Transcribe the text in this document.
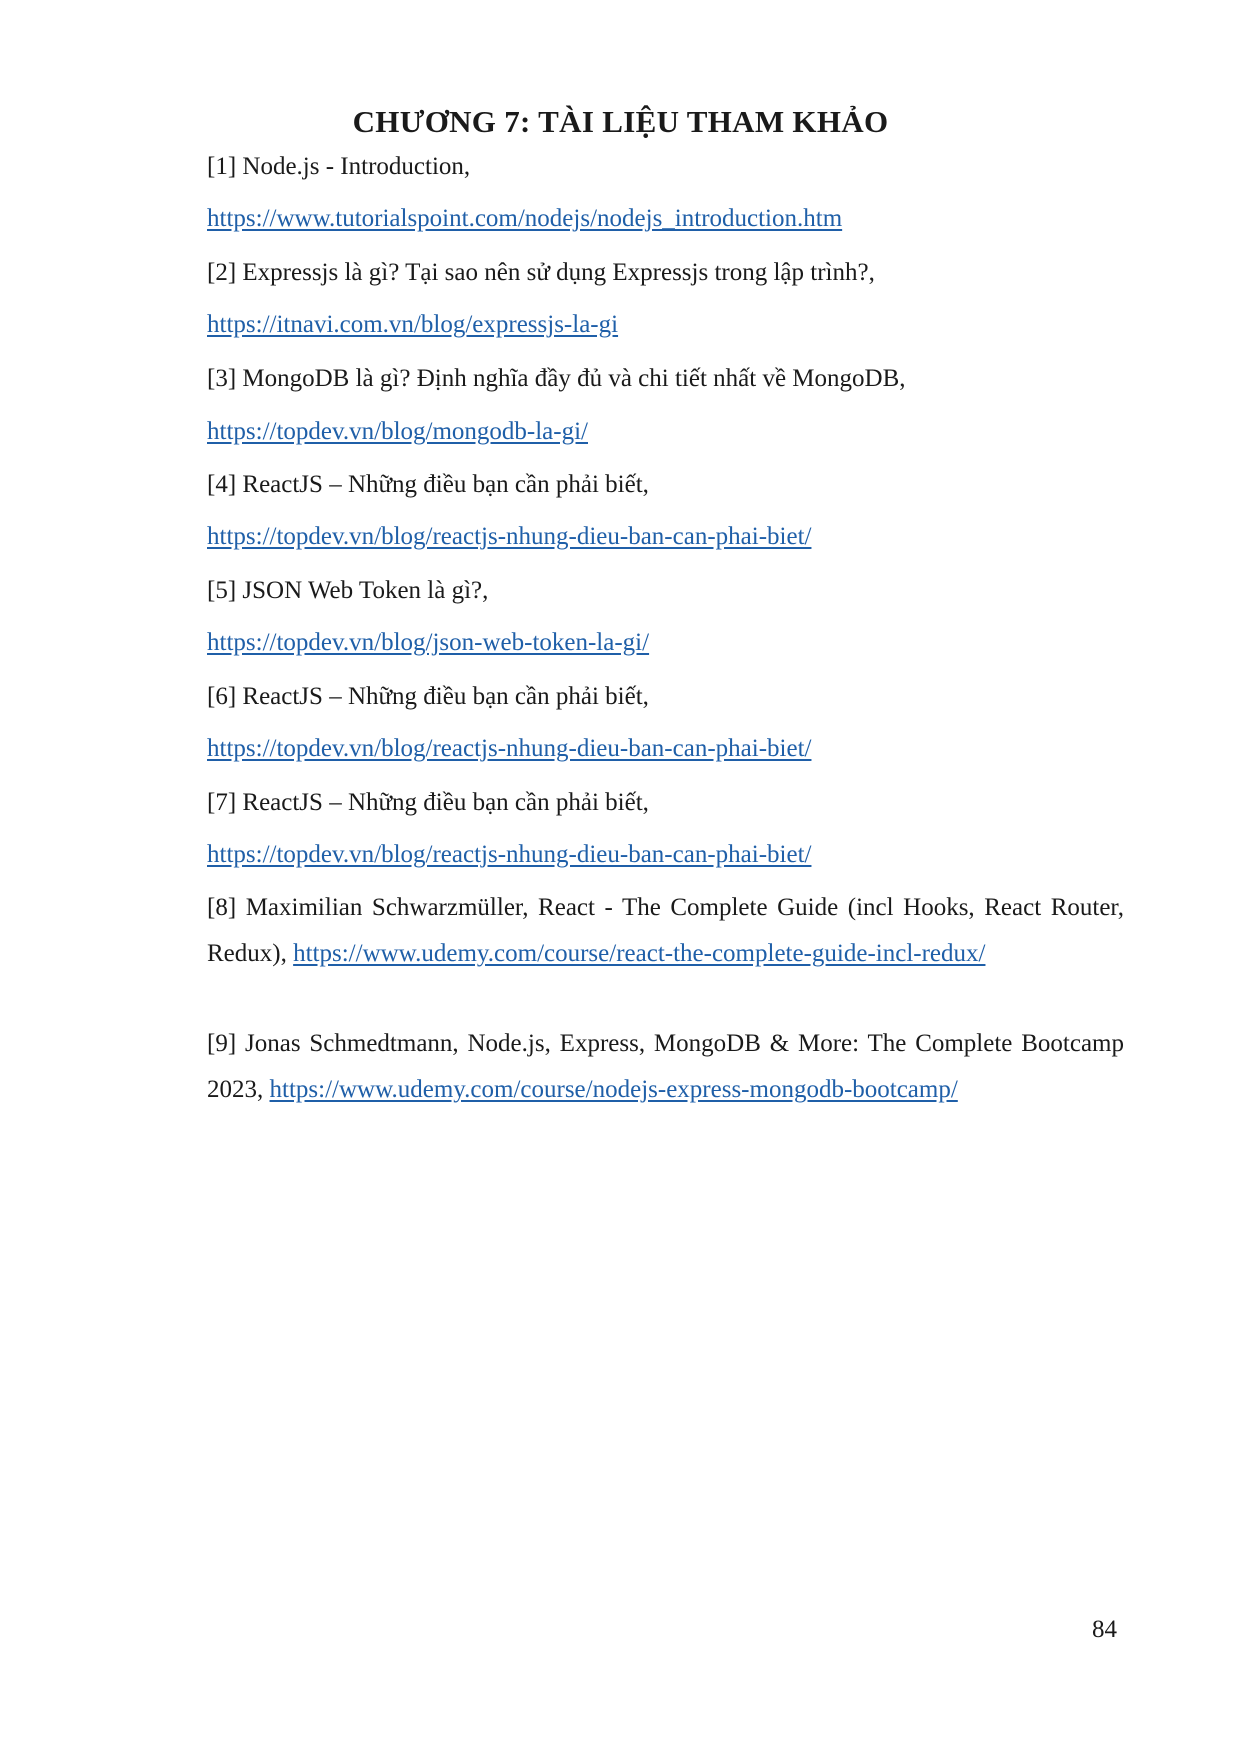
CHƯƠNG 7: TÀI LIỆU THAM KHẢO
[1] Node.js - Introduction,
https://www.tutorialspoint.com/nodejs/nodejs_introduction.htm
[2] Expressjs là gì? Tại sao nên sử dụng Expressjs trong lập trình?,
https://itnavi.com.vn/blog/expressjs-la-gi
[3] MongoDB là gì? Định nghĩa đầy đủ và chi tiết nhất về MongoDB,
https://topdev.vn/blog/mongodb-la-gi/
[4] ReactJS – Những điều bạn cần phải biết,
https://topdev.vn/blog/reactjs-nhung-dieu-ban-can-phai-biet/
[5] JSON Web Token là gì?,
https://topdev.vn/blog/json-web-token-la-gi/
[6] ReactJS – Những điều bạn cần phải biết,
https://topdev.vn/blog/reactjs-nhung-dieu-ban-can-phai-biet/
[7] ReactJS – Những điều bạn cần phải biết,
https://topdev.vn/blog/reactjs-nhung-dieu-ban-can-phai-biet/
[8] Maximilian Schwarzmüller, React - The Complete Guide (incl Hooks, React Router, Redux), https://www.udemy.com/course/react-the-complete-guide-incl-redux/
[9] Jonas Schmedtmann, Node.js, Express, MongoDB & More: The Complete Bootcamp 2023, https://www.udemy.com/course/nodejs-express-mongodb-bootcamp/
84
